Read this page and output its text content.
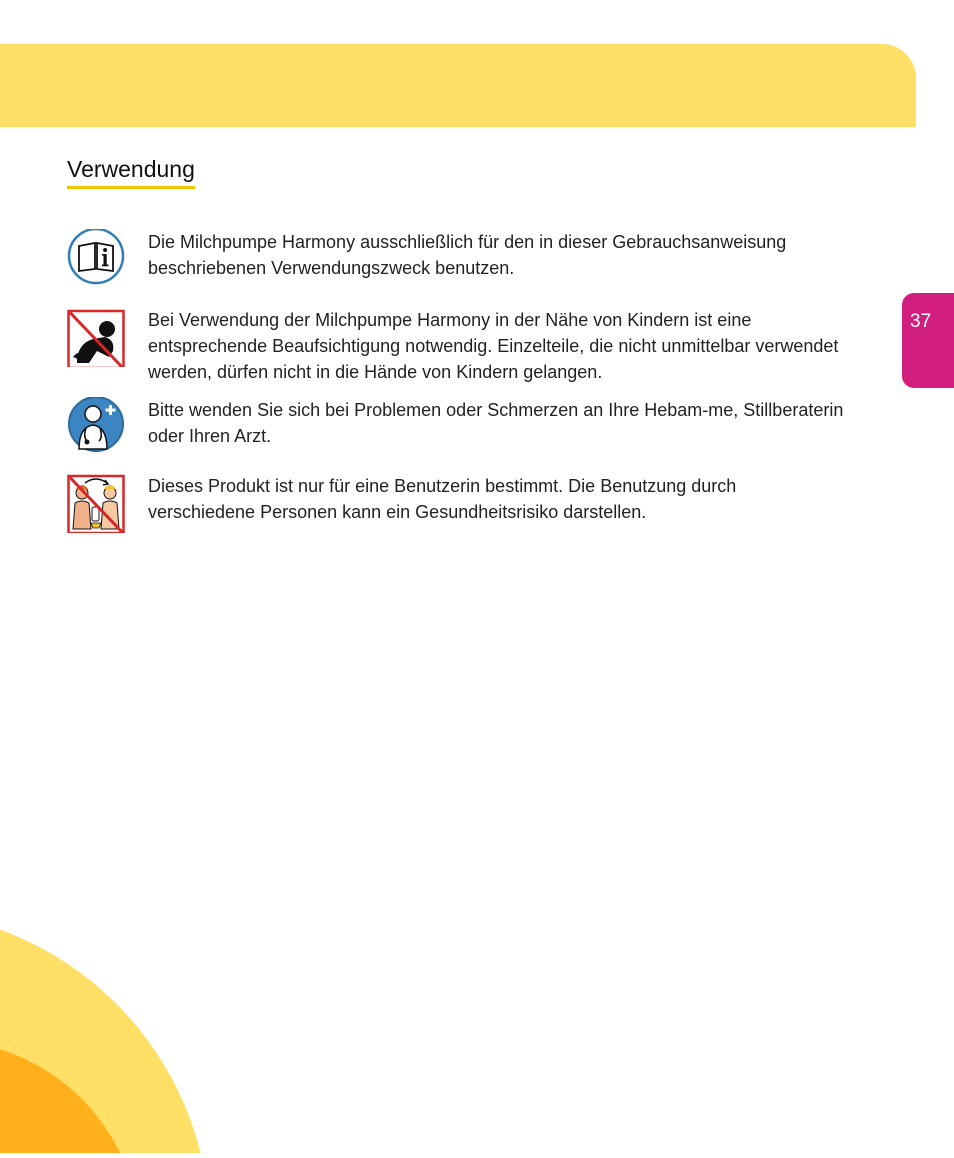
37
Verwendung

Die Milchpumpe Harmony ausschließlich für den in dieser Gebrauchsanweisung beschriebenen Verwendungszweck benutzen.

Bei Verwendung der Milchpumpe Harmony in der Nähe von Kindern ist eine entsprechende Beaufsichtigung notwendig. Einzelteile, die nicht unmittelbar verwendet werden, dürfen nicht in die Hände von Kindern gelangen.

Bitte wenden Sie sich bei Problemen oder Schmerzen an Ihre Hebam-me, Stillberaterin oder Ihren Arzt.

Dieses Produkt ist nur für eine Benutzerin bestimmt. Die Benutzung durch verschiedene Personen kann ein Gesundheitsrisiko darstellen.
